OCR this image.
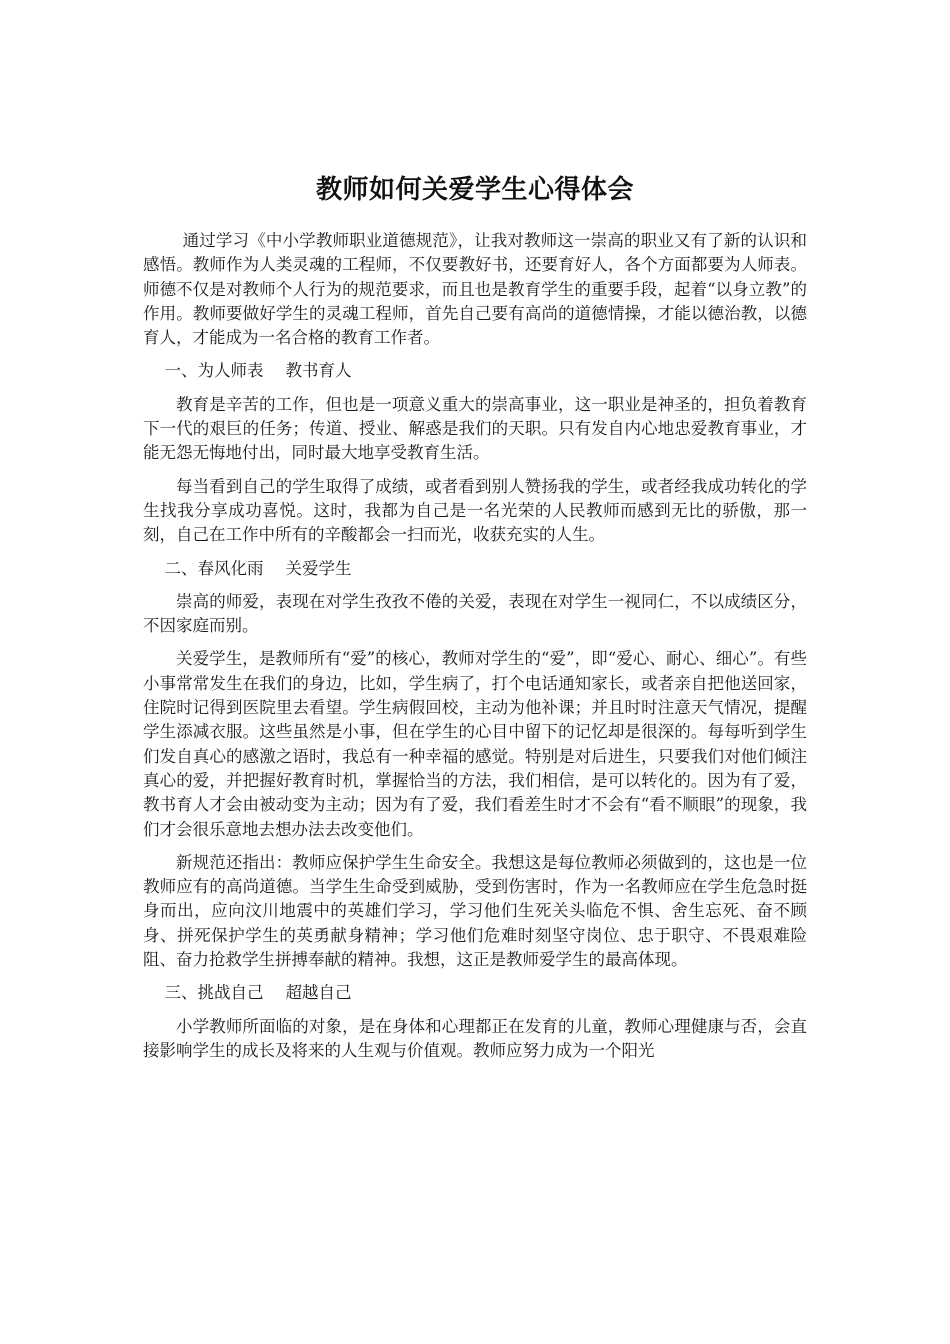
教师如何关爱学生心得体会

通过学习《中小学教师职业道德规范》，让我对教师这一崇高的职业又有了新的认识和感悟。教师作为人类灵魂的工程师，不仅要教好书，还要育好人，各个方面都要为人师表。师德不仅是对教师个人行为的规范要求，而且也是教育学生的重要手段，起着“以身立教”的作用。教师要做好学生的灵魂工程师，首先自己要有高尚的道德情操，才能以德治教，以德育人，才能成为一名合格的教育工作者。

一、为人师表 教书育人

教育是辛苦的工作，但也是一项意义重大的崇高事业，这一职业是神圣的，担负着教育下一代的艰巨的任务；传道、授业、解惑是我们的天职。只有发自内心地忠爱教育事业，才能无怨无悔地付出，同时最大地享受教育生活。

每当看到自己的学生取得了成绩，或者看到别人赞扬我的学生，或者经我成功转化的学生找我分享成功喜悦。这时，我都为自己是一名光荣的人民教师而感到无比的骄傲，那一刻，自己在工作中所有的辛酸都会一扫而光，收获充实的人生。

二、春风化雨 关爱学生

崇高的师爱，表现在对学生孜孜不倦的关爱，表现在对学生一视同仁，不以成绩区分，不因家庭而别。

关爱学生，是教师所有“爱”的核心，教师对学生的“爱”，即“爱心、耐心、细心”。有些小事常常发生在我们的身边，比如，学生病了，打个电话通知家长，或者亲自把他送回家，住院时记得到医院里去看望。学生病假回校，主动为他补课；并且时时注意天气情况，提醒学生添减衣服。这些虽然是小事，但在学生的心目中留下的记忆却是很深的。每每听到学生们发自真心的感激之语时，我总有一种幸福的感觉。特别是对后进生，只要我们对他们倾注真心的爱，并把握好教育时机，掌握恰当的方法，我们相信，是可以转化的。因为有了爱，教书育人才会由被动变为主动；因为有了爱，我们看差生时才不会有“看不顺眼”的现象，我们才会很乐意地去想办法去改变他们。

新规范还指出：教师应保护学生生命安全。我想这是每位教师必须做到的，这也是一位教师应有的高尚道德。当学生生命受到威胁，受到伤害时，作为一名教师应在学生危急时挺身而出，应向汶川地震中的英雄们学习，学习他们生死关头临危不惧、舍生忘死、奋不顾身、拼死保护学生的英勇献身精神；学习他们危难时刻坚守岗位、忠于职守、不畏艰难险阻、奋力抢救学生拼搏奉献的精神。我想，这正是教师爱学生的最高体现。

三、挑战自己 超越自己

小学教师所面临的对象，是在身体和心理都正在发育的儿童，教师心理健康与否，会直接影响学生的成长及将来的人生观与价值观。教师应努力成为一个阳光
